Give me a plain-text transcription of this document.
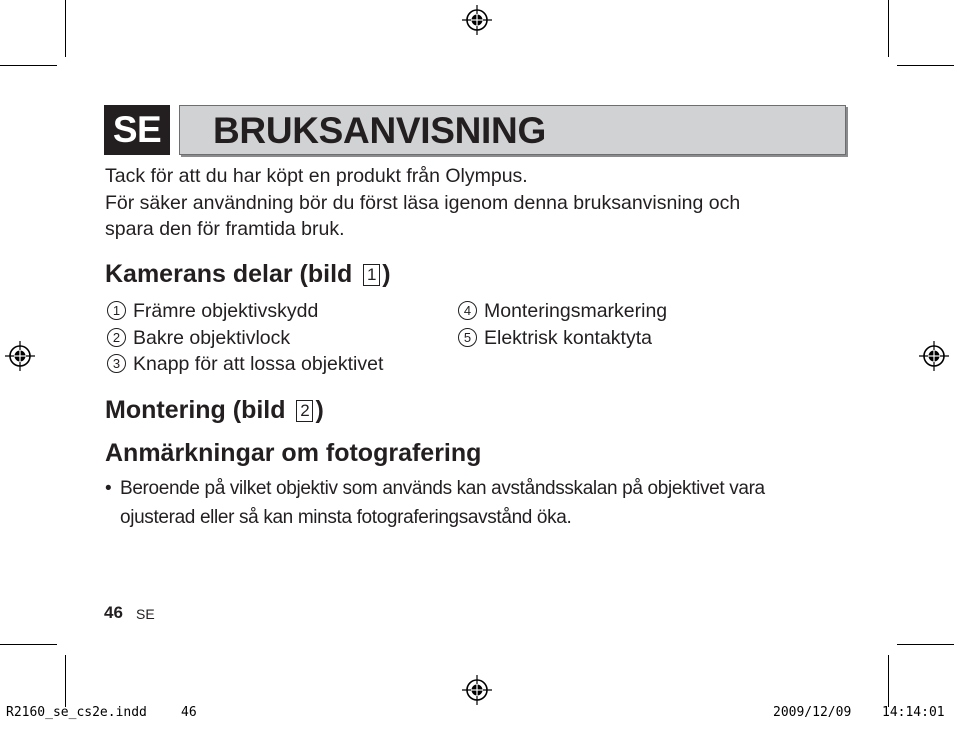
SE BRUKSANVISNING
Tack för att du har köpt en produkt från Olympus.
För säker användning bör du först läsa igenom denna bruksanvisning och
spara den för framtida bruk.
Kamerans delar (bild 1 )
1 Främre objektivskydd
2 Bakre objektivlock
3 Knapp för att lossa objektivet
4 Monteringsmarkering
5 Elektrisk kontaktyta
Montering (bild 2 )
Anmärkningar om fotografering
• Beroende på vilket objektiv som används kan avståndsskalan på objektivet vara
ojusterad eller så kan minsta fotograferingsavstånd öka.
46 SE
R2160_se_cs2e.indd	46	2009/12/09 14:14:01
